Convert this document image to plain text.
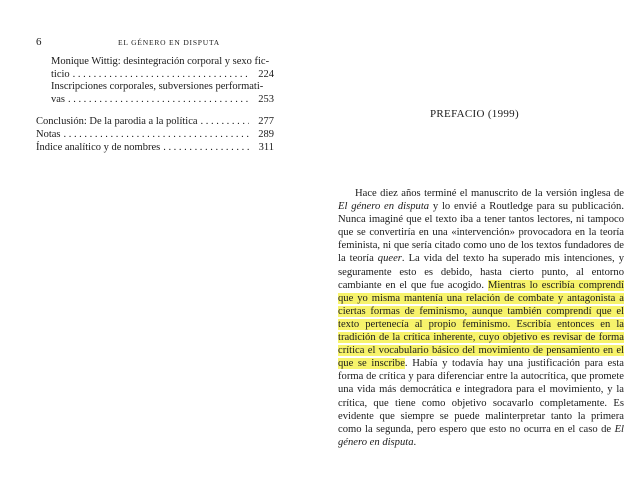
6	EL GÉNERO EN DISPUTA
Monique Wittig: desintegración corporal y sexo fic-
ticio .....	224
Inscripciones corporales, subversiones performati-
vas .....	253
Conclusión: De la parodia a la política .....	277
Notas .....	289
Índice analítico y de nombres .....	311
PREFACIO (1999)

Hace diez años terminé el manuscrito de la versión inglesa de El género en disputa y lo envié a Routledge para su publicación. Nunca imaginé que el texto iba a tener tantos lectores, ni tampoco que se convertiría en una «intervención» provocadora en la teoría feminista, ni que sería citado como uno de los textos fundadores de la teoría queer. La vida del texto ha superado mis intenciones, y seguramente esto es debido, hasta cierto punto, al entorno cambiante en el que fue acogido. Mientras lo escribía comprendí que yo misma mantenía una relación de combate y antagonista a ciertas formas de feminismo, aunque también comprendí que el texto pertenecía al propio feminismo. Escribía entonces en la tradición de la crítica inherente, cuyo objetivo es revisar de forma crítica el vocabulario básico del movimiento de pensamiento en el que se inscribe. Había y todavía hay una justificación para esta forma de crítica y para diferenciar entre la autocrítica, que promete una vida más democrática e integradora para el movimiento, y la crítica, que tiene como objetivo socavarlo completamente. Es evidente que siempre se puede malinterpretar tanto la primera como la segunda, pero espero que esto no ocurra en el caso de El género en disputa.
